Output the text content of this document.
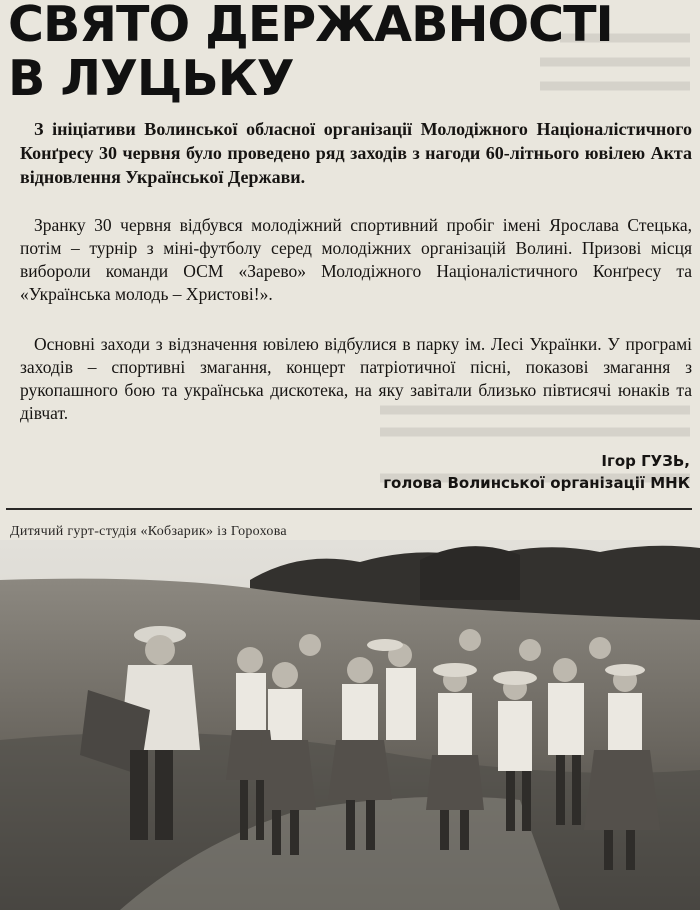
СВЯТО ДЕРЖАВНОСТІ
В ЛУЦЬКУ

З ініціативи Волинської обласної організації Молодіжного Націоналістичного Конґресу 30 червня було проведено ряд заходів з нагоди 60-літнього ювілею Акта відновлення Української Держави.

Зранку 30 червня відбувся молодіжний спортивний пробіг імені Ярослава Стецька, потім – турнір з міні-футболу серед молодіжних організацій Волині. Призові місця вибороли команди ОСМ «Зарево» Молодіжного Націоналістичного Конґресу та «Українська молодь – Христові!».

Основні заходи з відзначення ювілею відбулися в парку ім. Лесі Українки. У програмі заходів – спортивні змагання, концерт патріотичної пісні, показові змагання з рукопашного бою та українська дискотека, на яку завітали близько півтисячі юнаків та дівчат.

Ігор ГУЗЬ,

голова Волинської організації МНК

Дитячий гурт-студія «Кобзарик» із Горохова
